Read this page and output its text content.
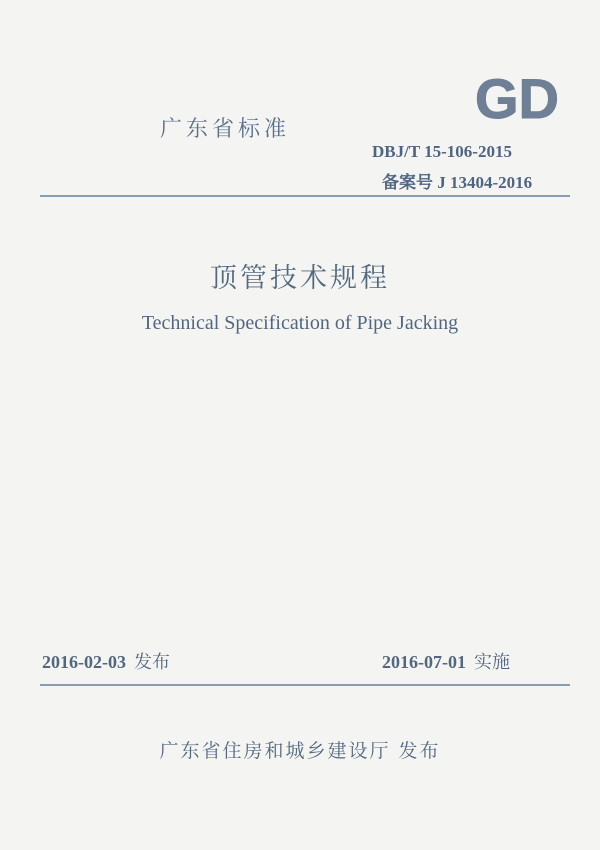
广东省标准	GD
DBJ/T 15-106-2015
备案号 J 13404-2016
顶管技术规程
Technical Specification of Pipe Jacking
2016-02-03 发布	2016-07-01 实施
广东省住房和城乡建设厅 发布
